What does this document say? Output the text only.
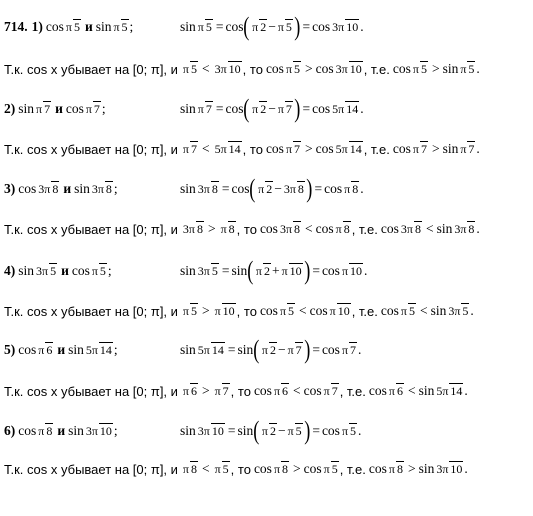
714. 1) cos π 5 и sin π 5 ;	sin π 5 = cos ( π 2 − π 5 ) = cos 3π 10 .
Т.к. cos x убывает на [0; π], и π 5 < 3π 10 , то cos π 5 > cos 3π 10 , т.е. cos π 5 > sin π 5 .
2) sin π 7 и cos π 7 ;	sin π 7 = cos ( π 2 − π 7 ) = cos 5π 14 .
Т.к. cos x убывает на [0; π], и π 7 < 5π 14 , то cos π 7 > cos 5π 14 , т.е. cos π 7 > sin π 7 .
3) cos 3π 8 и sin 3π 8 ;	sin 3π 8 = cos ( π 2 − 3π 8 ) = cos π 8 .
Т.к. cos x убывает на [0; π], и 3π 8 > π 8 , то cos 3π 8 < cos π 8 , т.е. cos 3π 8 < sin 3π 8 .
4) sin 3π 5 и cos π 5 ;	sin 3π 5 = sin ( π 2 + π 10 ) = cos π 10 .
Т.к. cos x убывает на [0; π], и π 5 > π 10 , то cos π 5 < cos π 10 , т.е. cos π 5 < sin 3π 5 .
5) cos π 6 и sin 5π 14 ;	sin 5π 14 = sin ( π 2 − π 7 ) = cos π 7 .
Т.к. cos x убывает на [0; π], и π 6 > π 7 , то cos π 6 < cos π 7 , т.е. cos π 6 < sin 5π 14 .
6) cos π 8 и sin 3π 10 ;	sin 3π 10 = sin ( π 2 − π 5 ) = cos π 5 .
Т.к. cos x убывает на [0; π], и π 8 < π 5 , то cos π 8 > cos π 5 , т.е. cos π 8 > sin 3π 10 .
